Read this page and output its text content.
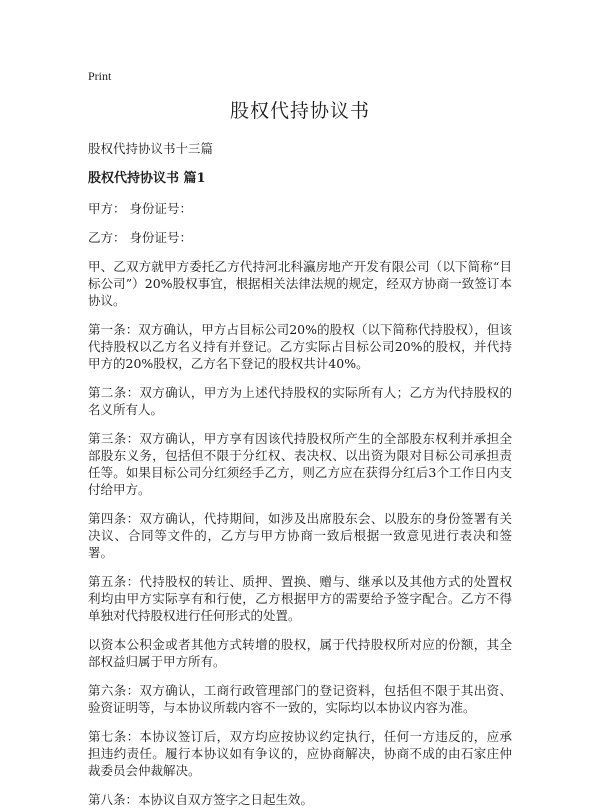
Print
股权代持协议书
股权代持协议书十三篇
股权代持协议书 篇1

甲方： 身份证号：

乙方： 身份证号：

甲、乙双方就甲方委托乙方代持河北科瀛房地产开发有限公司（以下简称“目标公司”）20%股权事宜，根据相关法律法规的规定，经双方协商一致签订本协议。

第一条：双方确认，甲方占目标公司20%的股权（以下简称代持股权），但该代持股权以乙方名义持有并登记。乙方实际占目标公司20%的股权，并代持甲方的20%股权，乙方名下登记的股权共计40%。

第二条：双方确认，甲方为上述代持股权的实际所有人；乙方为代持股权的名义所有人。

第三条：双方确认，甲方享有因该代持股权所产生的全部股东权利并承担全部股东义务，包括但不限于分红权、表决权、以出资为限对目标公司承担责任等。如果目标公司分红须经手乙方，则乙方应在获得分红后3个工作日内支付给甲方。

第四条：双方确认，代持期间，如涉及出席股东会、以股东的身份签署有关决议、合同等文件的，乙方与甲方协商一致后根据一致意见进行表决和签署。

第五条：代持股权的转让、质押、置换、赠与、继承以及其他方式的处置权利均由甲方实际享有和行使，乙方根据甲方的需要给予签字配合。乙方不得单独对代持股权进行任何形式的处置。

以资本公积金或者其他方式转增的股权，属于代持股权所对应的份额，其全部权益归属于甲方所有。

第六条：双方确认，工商行政管理部门的登记资料，包括但不限于其出资、验资证明等，与本协议所载内容不一致的，实际均以本协议内容为准。

第七条：本协议签订后，双方均应按协议约定执行，任何一方违反的，应承担违约责任。履行本协议如有争议的，应协商解决，协商不成的由石家庄仲裁委员会仲裁解决。

第八条：本协议自双方签字之日起生效。
